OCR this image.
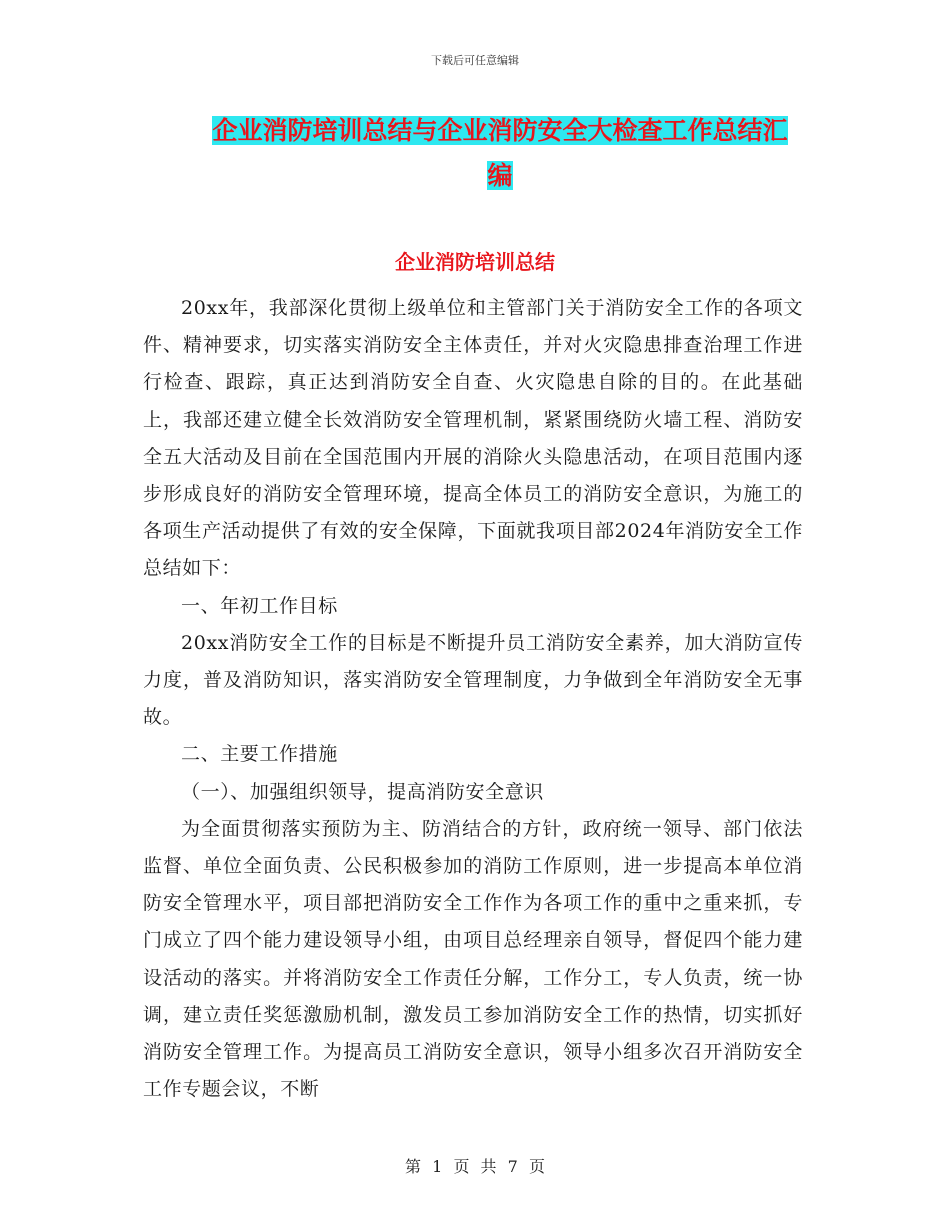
下载后可任意编辑
企业消防培训总结与企业消防安全大检查工作总结汇
编
企业消防培训总结

20xx年，我部深化贯彻上级单位和主管部门关于消防安全工作的各项文件、精神要求，切实落实消防安全主体责任，并对火灾隐患排查治理工作进行检查、跟踪，真正达到消防安全自查、火灾隐患自除的目的。在此基础上，我部还建立健全长效消防安全管理机制，紧紧围绕防火墙工程、消防安全五大活动及目前在全国范围内开展的消除火头隐患活动，在项目范围内逐步形成良好的消防安全管理环境，提高全体员工的消防安全意识，为施工的各项生产活动提供了有效的安全保障，下面就我项目部2024年消防安全工作总结如下：

一、年初工作目标

20xx消防安全工作的目标是不断提升员工消防安全素养，加大消防宣传力度，普及消防知识，落实消防安全管理制度，力争做到全年消防安全无事故。

二、主要工作措施

（一）、加强组织领导，提高消防安全意识

为全面贯彻落实预防为主、防消结合的方针，政府统一领导、部门依法监督、单位全面负责、公民积极参加的消防工作原则，进一步提高本单位消防安全管理水平，项目部把消防安全工作作为各项工作的重中之重来抓，专门成立了四个能力建设领导小组，由项目总经理亲自领导，督促四个能力建设活动的落实。并将消防安全工作责任分解，工作分工，专人负责，统一协调，建立责任奖惩激励机制，激发员工参加消防安全工作的热情，切实抓好消防安全管理工作。为提高员工消防安全意识，领导小组多次召开消防安全工作专题会议，不断

第 1 页 共 7 页
